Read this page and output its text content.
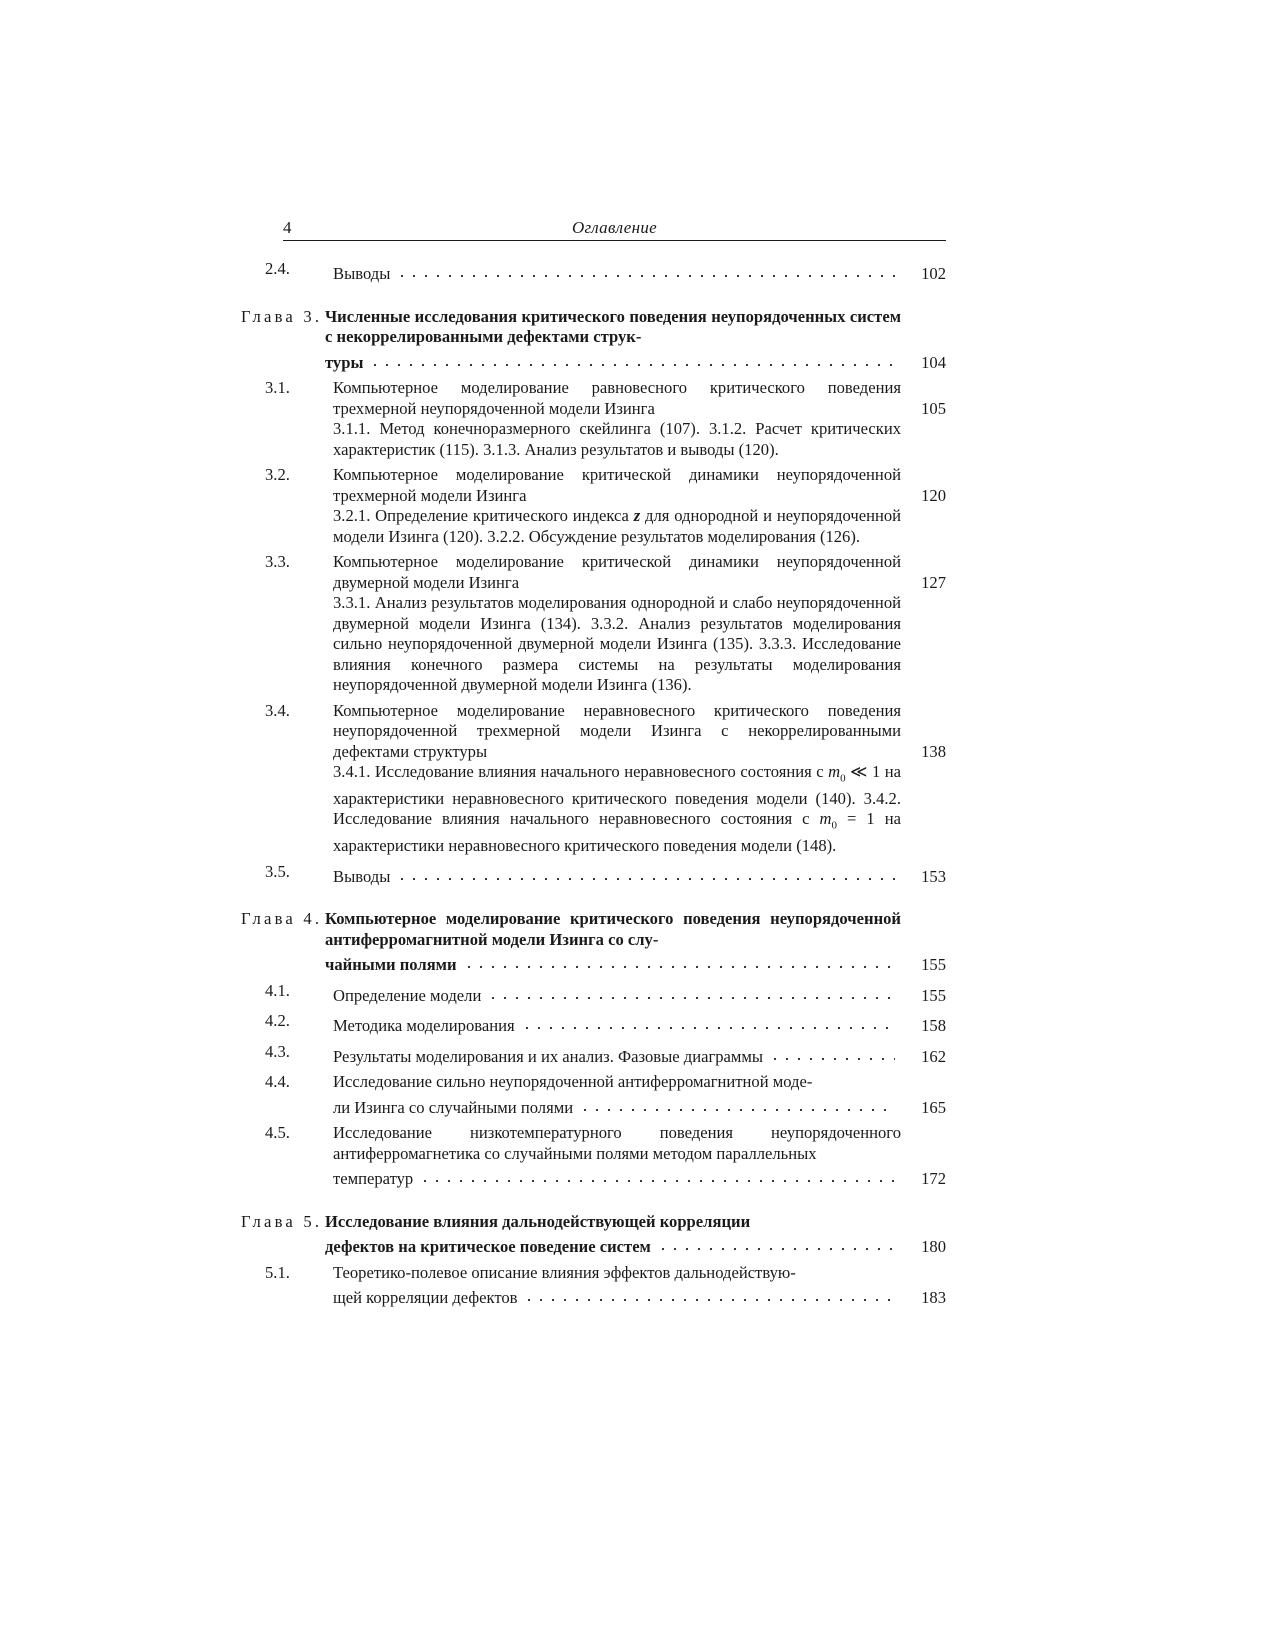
4	Оглавление
2.4.	Выводы	102
Глава 3. Численные исследования критического поведения неупорядоченных систем с некоррелированными дефектами струк-
туры	104
3.1.	Компьютерное моделирование равновесного критического поведения трехмерной неупорядоченной модели Изинга	105
3.1.1. Метод конечноразмерного скейлинга (107). 3.1.2. Расчет критических характеристик (115). 3.1.3. Анализ результатов и выводы (120).
3.2.	Компьютерное моделирование критической динамики неупорядоченной трехмерной модели Изинга	120
3.2.1. Определение критического индекса z для однородной и неупорядоченной модели Изинга (120). 3.2.2. Обсуждение результатов моделирования (126).
3.3.	Компьютерное моделирование критической динамики неупорядоченной двумерной модели Изинга	127
3.3.1. Анализ результатов моделирования однородной и слабо неупорядоченной двумерной модели Изинга (134). 3.3.2. Анализ результатов моделирования сильно неупорядоченной двумерной модели Изинга (135). 3.3.3. Исследование влияния конечного размера системы на результаты моделирования неупорядоченной двумерной модели Изинга (136).
3.4.	Компьютерное моделирование неравновесного критического поведения неупорядоченной трехмерной модели Изинга с некоррелированными дефектами структуры	138
3.4.1. Исследование влияния начального неравновесного состояния с $m_0$ ≪ 1 на характеристики неравновесного критического поведения модели (140). 3.4.2. Исследование влияния начального неравновесного состояния с $m_0 = 1$ на характеристики неравновесного критического поведения модели (148).
3.5.	Выводы	153
Глава 4. Компьютерное моделирование критического поведения неупорядоченной антиферромагнитной модели Изинга со слу-
чайными полями	155
4.1.	Определение модели	155
4.2.	Методика моделирования	158
4.3.	Результаты моделирования и их анализ. Фазовые диаграммы	162
4.4.	Исследование сильно неупорядоченной антиферромагнитной моде-
ли Изинга со случайными полями	165
4.5.	Исследование низкотемпературного поведения неупорядоченного антиферромагнетика со случайными полями методом параллельных
температур	172
Глава 5. Исследование влияния дальнодействующей корреляции
дефектов на критическое поведение систем	180
5.1.	Теоретико-полевое описание влияния эффектов дальнодействую-
щей корреляции дефектов	183
